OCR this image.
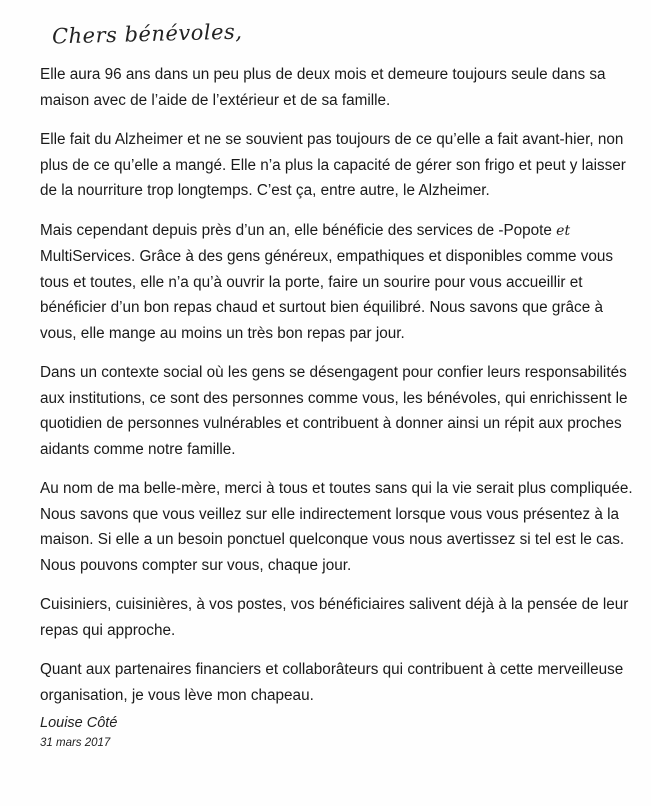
Chers bénévoles,

Elle aura 96 ans dans un peu plus de deux mois et demeure toujours seule dans sa maison avec de l’aide de l’extérieur et de sa famille.

Elle fait du Alzheimer et ne se souvient pas toujours de ce qu’elle a fait avant-hier, non plus de ce qu’elle a mangé. Elle n’a plus la capacité de gérer son frigo et peut y laisser de la nourriture trop longtemps. C’est ça, entre autre, le Alzheimer.

Mais cependant depuis près d’un an, elle bénéficie des services de -Popote et MultiServices. Grâce à des gens généreux, empathiques et disponibles comme vous tous et toutes, elle n’a qu’à ouvrir la porte, faire un sourire pour vous accueillir et bénéficier d’un bon repas chaud et surtout bien équilibré. Nous savons que grâce à vous, elle mange au moins un très bon repas par jour.

Dans un contexte social où les gens se désengagent pour confier leurs responsabilités aux institutions, ce sont des personnes comme vous, les bénévoles, qui enrichissent le quotidien de personnes vulnérables et contribuent à donner ainsi un répit aux proches aidants comme notre famille.

Au nom de ma belle-mère, merci à tous et toutes sans qui la vie serait plus compliquée. Nous savons que vous veillez sur elle indirectement lorsque vous vous présentez à la maison. Si elle a un besoin ponctuel quelconque vous nous avertissez si tel est le cas. Nous pouvons compter sur vous, chaque jour.

Cuisiniers, cuisinières, à vos postes, vos bénéficiaires salivent déjà à la pensée de leur repas qui approche.

Quant aux partenaires financiers et collaborâteurs qui contribuent à cette merveilleuse organisation, je vous lève mon chapeau.

Louise Côté
31 mars 2017
